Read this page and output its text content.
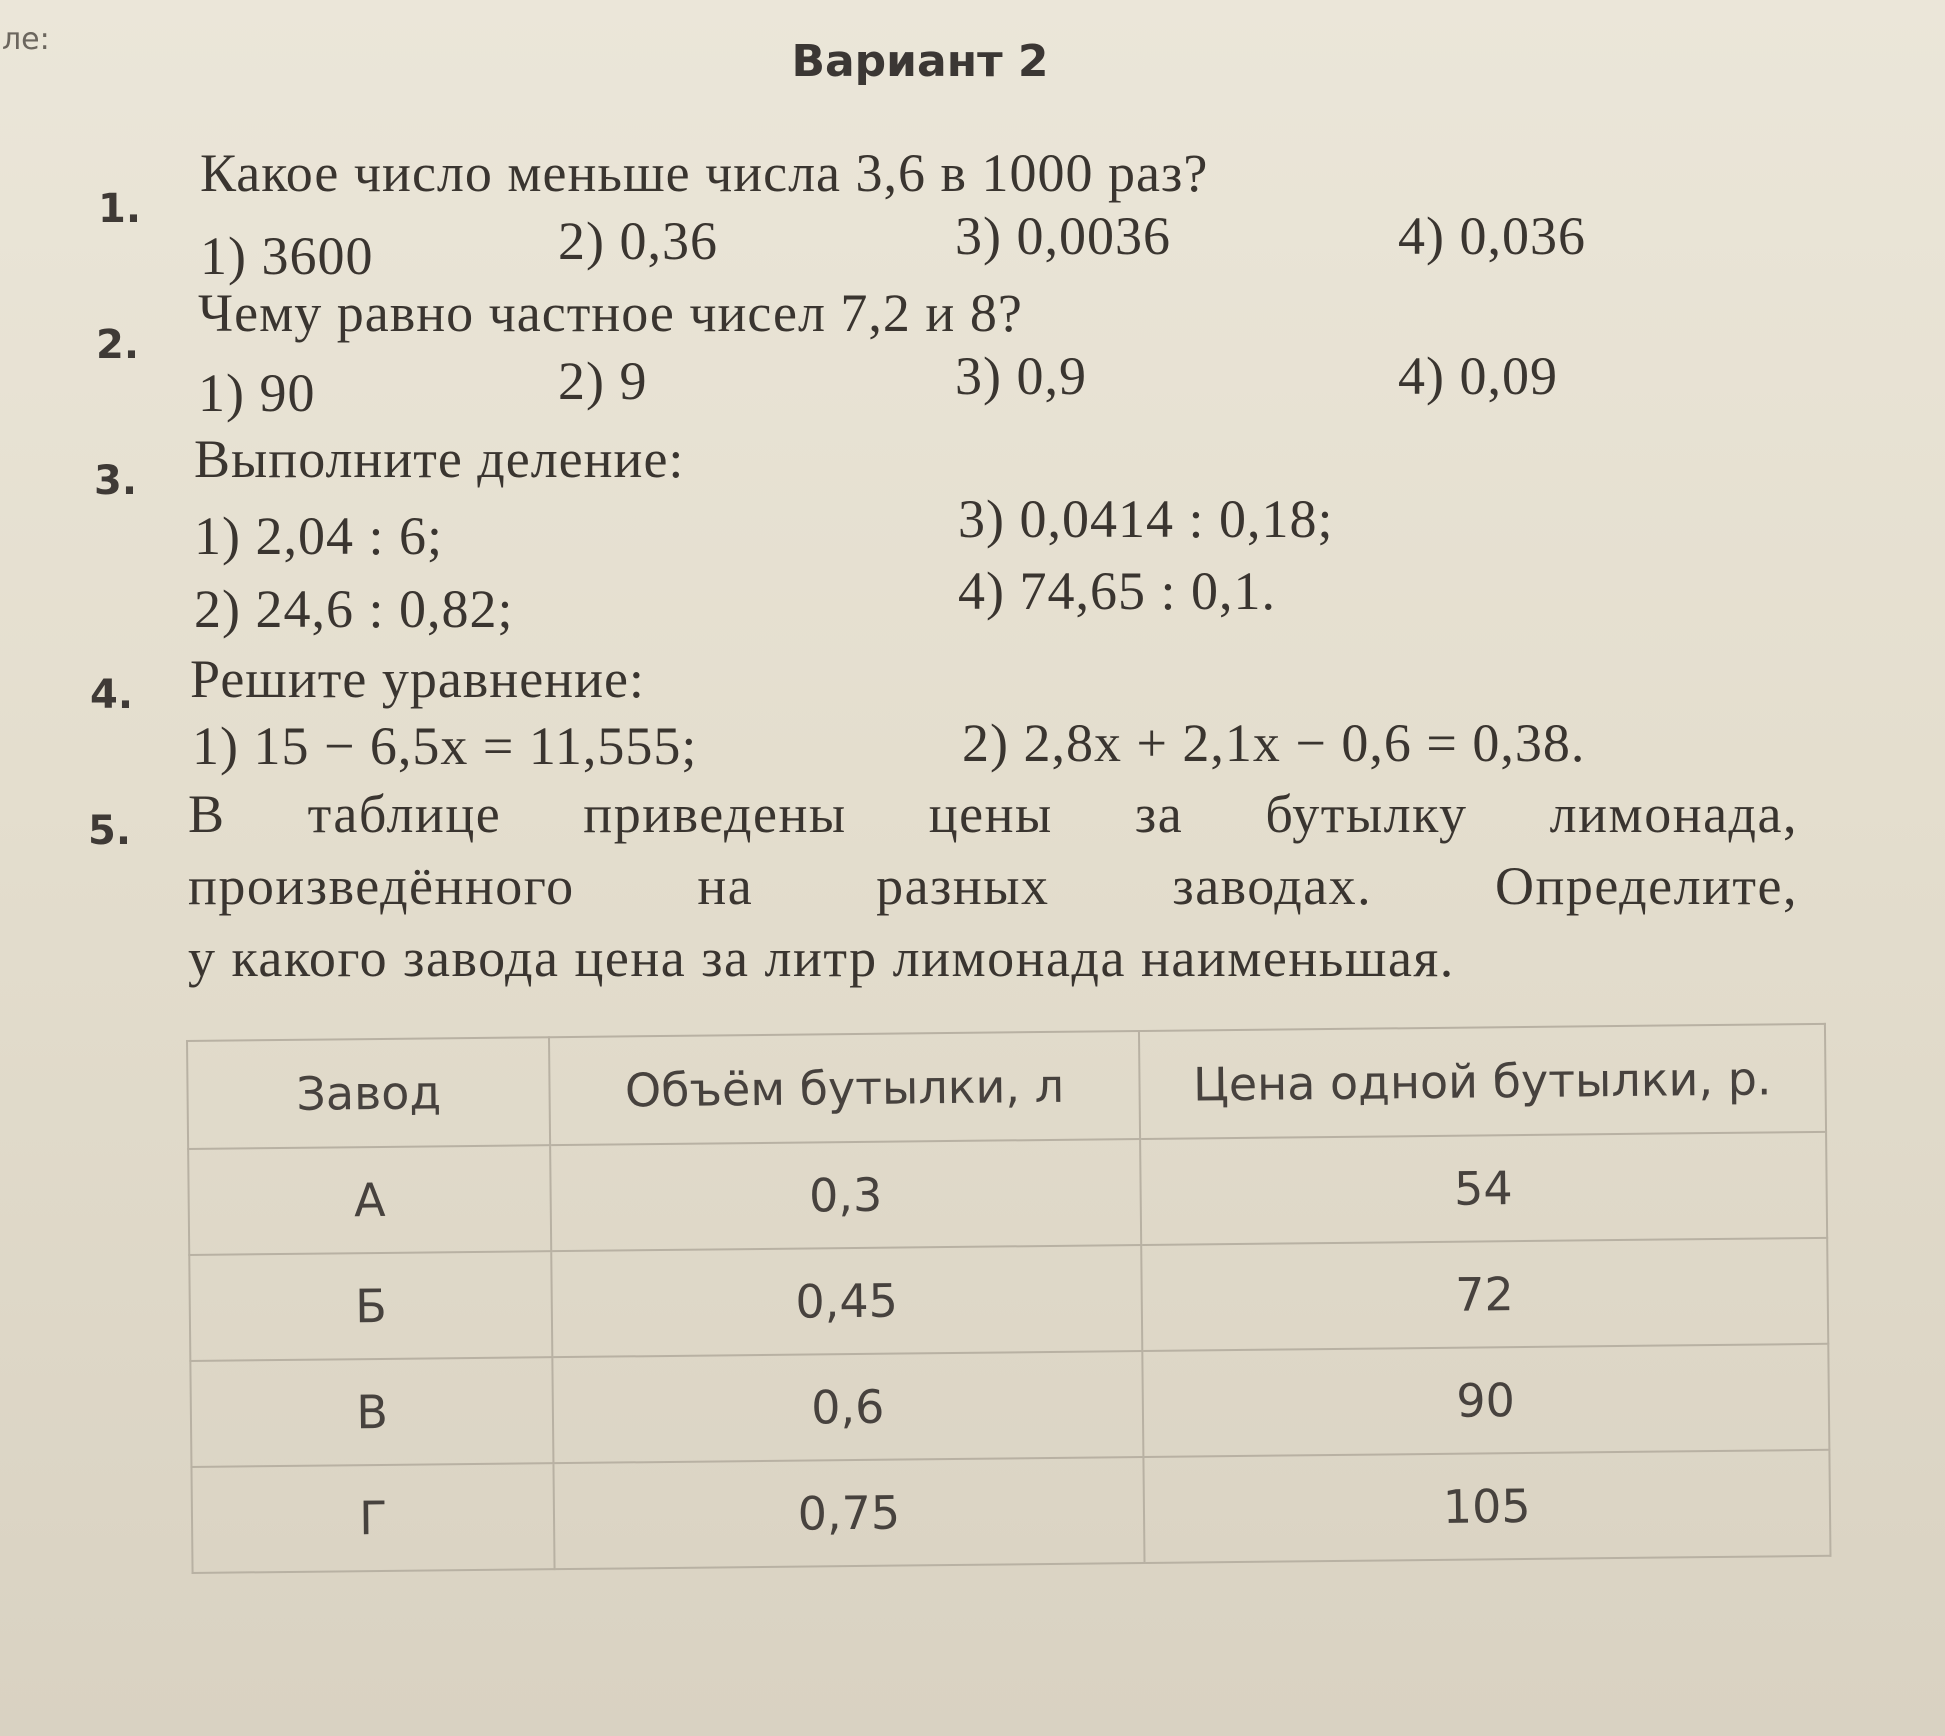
ле:	Вариант 2
1.
Какое число меньше числа 3,6 в 1000 раз?
1) 3600	2) 0,36	3) 0,0036	4) 0,036
2.
Чему равно частное чисел 7,2 и 8?
1) 90	2) 9	3) 0,9	4) 0,09
3. Выполните деление:
1) 2,04 : 6;	3) 0,0414 : 0,18;
2) 24,6 : 0,82;	4) 74,65 : 0,1.
4. Решите уравнение:
1) 15 − 6,5x = 11,555;	2) 2,8x + 2,1x − 0,6 = 0,38.
5. В таблице приведены цены за бутылку лимонада,
произведённого на разных заводах. Определите,
у какого завода цена за литр лимонада наименьшая.
Завод	Объём бутылки, л	Цена одной бутылки, р.
А	0,3	54
Б	0,45	72
В	0,6	90
Г	0,75	105
